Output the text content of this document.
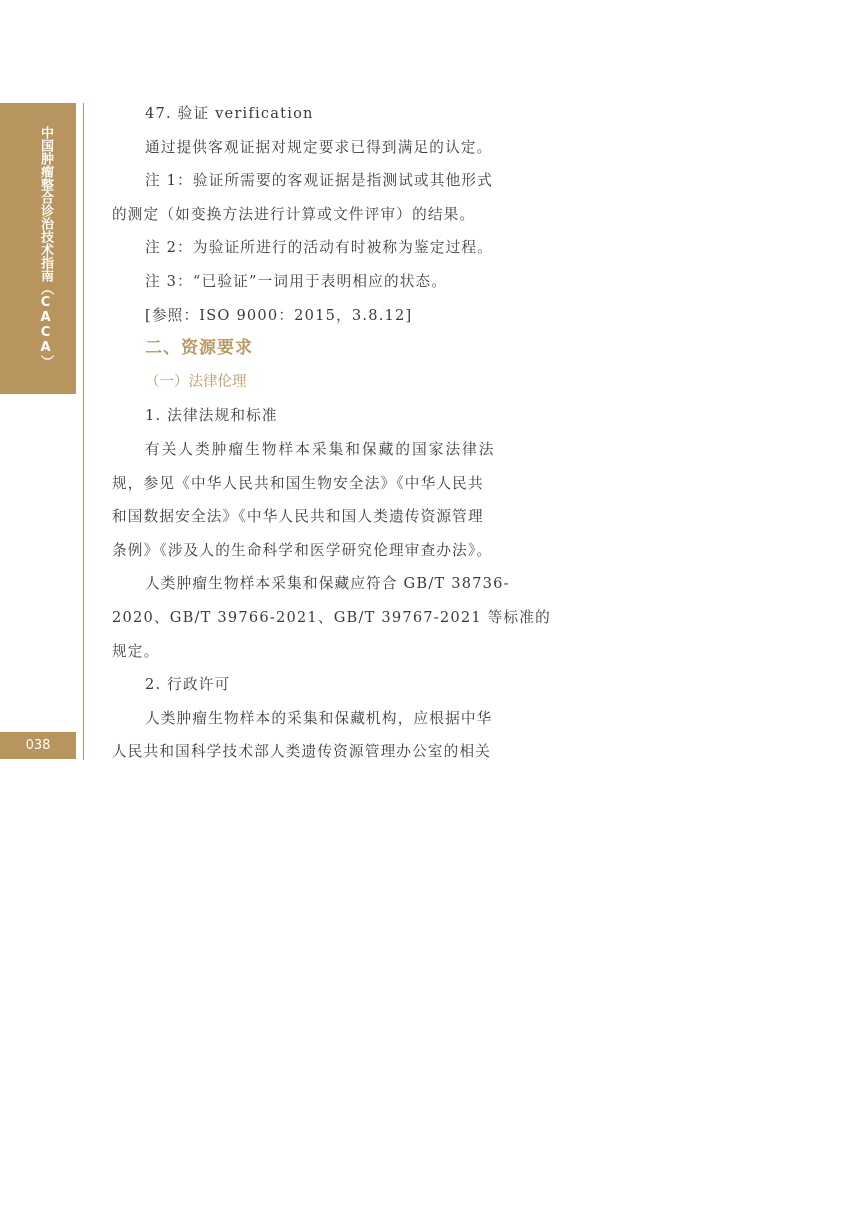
中国肿瘤整合诊治技术指南（CACA）
038

47. 验证 verification

通过提供客观证据对规定要求已得到满足的认定。

注 1：验证所需要的客观证据是指测试或其他形式

的测定（如变换方法进行计算或文件评审）的结果。

注 2：为验证所进行的活动有时被称为鉴定过程。

注 3：“已验证”一词用于表明相应的状态。

[参照：ISO 9000：2015，3.8.12]

二、资源要求

（一）法律伦理

1. 法律法规和标准

有关人类肿瘤生物样本采集和保藏的国家法律法

规，参见《中华人民共和国生物安全法》《中华人民共

和国数据安全法》《中华人民共和国人类遗传资源管理

条例》《涉及人的生命科学和医学研究伦理审查办法》。

人类肿瘤生物样本采集和保藏应符合 GB/T 38736-

2020、GB/T 39766-2021、GB/T 39767-2021 等标准的

规定。

2. 行政许可

人类肿瘤生物样本的采集和保藏机构，应根据中华

人民共和国科学技术部人类遗传资源管理办公室的相关
